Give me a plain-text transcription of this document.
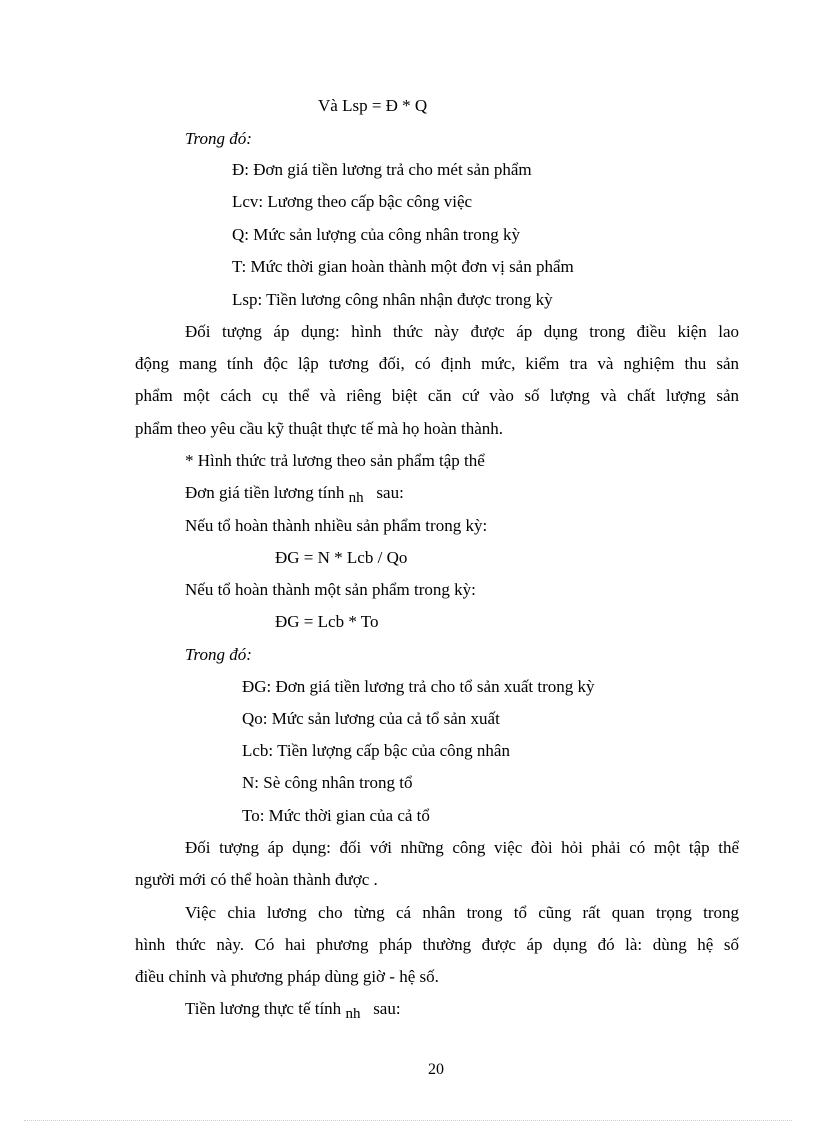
Và Lsp = Đ * Q
Trong đó:
Đ: Đơn giá tiền lương trả cho mét sản phẩm
Lcv: Lương theo cấp bậc công việc
Q: Mức sản lượng của công nhân trong kỳ
T: Mức thời gian hoàn thành một đơn vị sản phẩm
Lsp: Tiền lương công nhân nhận được trong kỳ
Đối tượng áp dụng: hình thức này được áp dụng trong điều kiện lao
động mang tính độc lập tương đối, có định mức, kiểm tra và nghiệm thu sản
phẩm một cách cụ thể và riêng biệt căn cứ vào số lượng và chất lượng sản
phẩm theo yêu cầu kỹ thuật thực tế mà họ hoàn thành.
* Hình thức trả lương theo sản phẩm tập thể
Đơn giá tiền lương tính nh sau:
Nếu tổ hoàn thành nhiều sản phẩm trong kỳ:
ĐG = N * Lcb / Qo
Nếu tổ hoàn thành một sản phẩm trong kỳ:
ĐG = Lcb * To
Trong đó:
ĐG: Đơn giá tiền lương trả cho tổ sản xuất trong kỳ
Qo: Mức sản lương của cả tổ sản xuất
Lcb: Tiền lượng cấp bậc của công nhân
N: Sè công nhân trong tổ
To: Mức thời gian của cả tổ
Đối tượng áp dụng: đối với những công việc đòi hỏi phải có một tập thể
người mới có thể hoàn thành được .
Việc chia lương cho từng cá nhân trong tổ cũng rất quan trọng trong
hình thức này. Có hai phương pháp thường được áp dụng đó là: dùng hệ số
điều chỉnh và phương pháp dùng giờ - hệ số.
Tiền lương thực tế tính nh sau:
20
